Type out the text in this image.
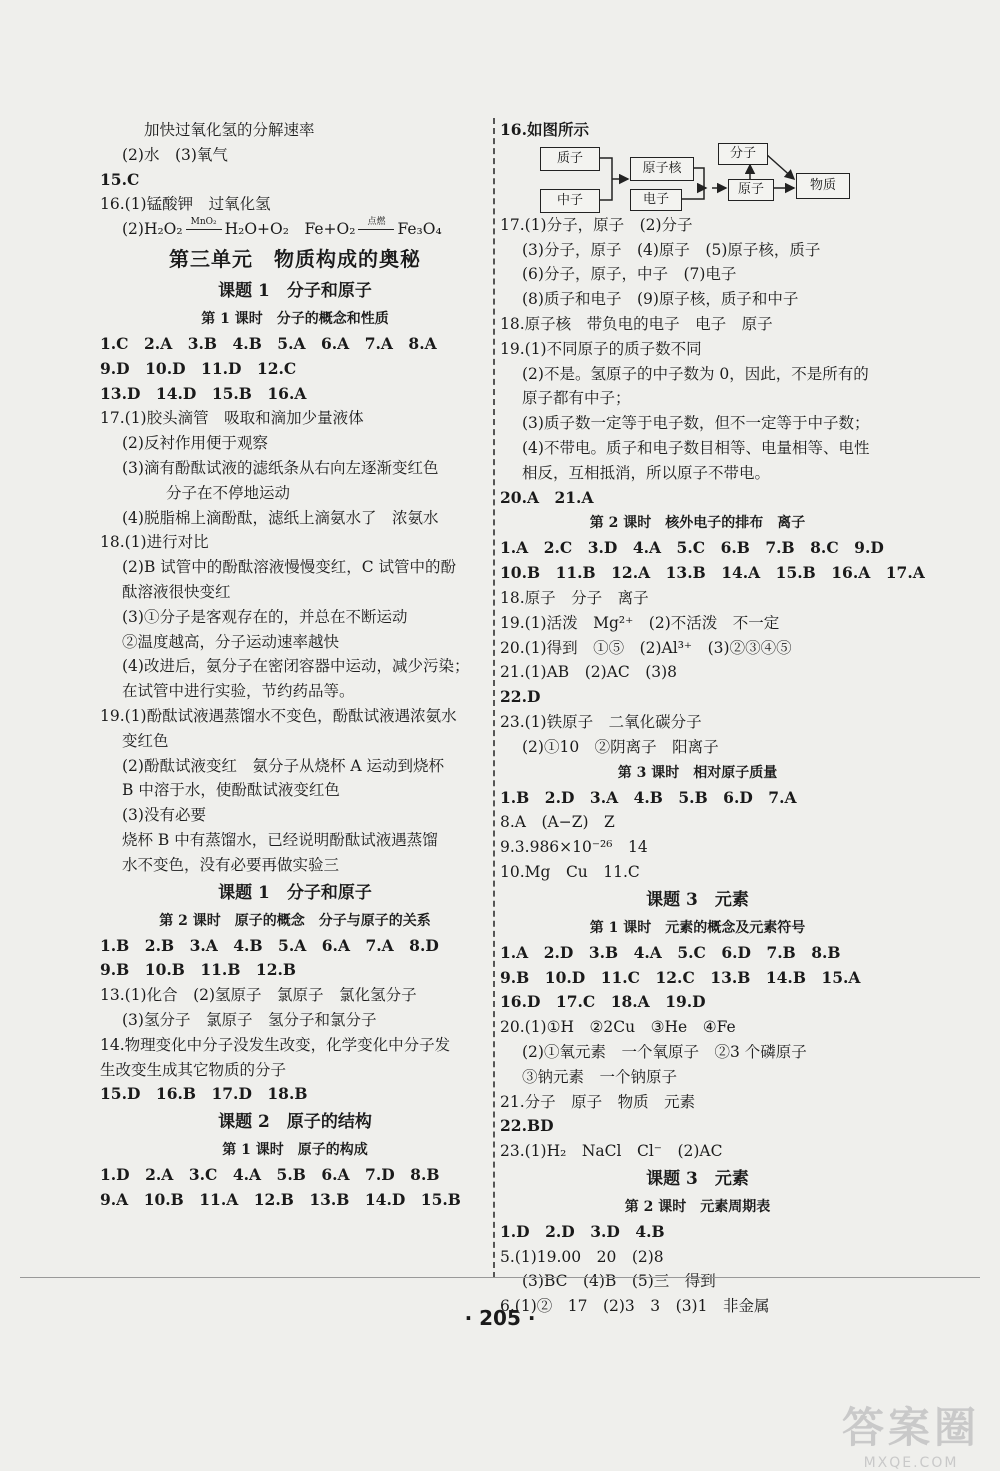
加快过氧化氢的分解速率
(2)水　(3)氧气
15.C
16.(1)锰酸钾　过氧化氢
(2)H₂O₂ MnO₂ H₂O+O₂　Fe+O₂	点燃 Fe₃O₄
第三单元　物质构成的奥秘
课题 1　分子和原子
第 1 课时　分子的概念和性质
1.C　2.A　3.B　4.B　5.A　6.A　7.A　8.A
9.D　10.D　11.D　12.C
13.D　14.D　15.B　16.A
17.(1)胶头滴管　吸取和滴加少量液体
(2)反衬作用便于观察
(3)滴有酚酞试液的滤纸条从右向左逐渐变红色
分子在不停地运动
(4)脱脂棉上滴酚酞，滤纸上滴氨水了　浓氨水
18.(1)进行对比
(2)B 试管中的酚酞溶液慢慢变红，C 试管中的酚
酞溶液很快变红
(3)①分子是客观存在的，并总在不断运动
②温度越高，分子运动速率越快
(4)改进后，氨分子在密闭容器中运动，减少污染；
在试管中进行实验，节约药品等。
19.(1)酚酞试液遇蒸馏水不变色，酚酞试液遇浓氨水
变红色
(2)酚酞试液变红　氨分子从烧杯 A 运动到烧杯
B 中溶于水，使酚酞试液变红色
(3)没有必要
烧杯 B 中有蒸馏水，已经说明酚酞试液遇蒸馏
水不变色，没有必要再做实验三
课题 1　分子和原子
第 2 课时　原子的概念　分子与原子的关系
1.B　2.B　3.A　4.B　5.A　6.A　7.A　8.D
9.B　10.B　11.B　12.B
13.(1)化合　(2)氢原子　氯原子　氯化氢分子
(3)氢分子　氯原子　氢分子和氯分子
14.物理变化中分子没发生改变，化学变化中分子发
生改变生成其它物质的分子
15.D　16.B　17.D　18.B
课题 2　原子的结构
第 1 课时　原子的构成
1.D　2.A　3.C　4.A　5.B　6.A　7.D　8.B
9.A　10.B　11.A　12.B　13.B　14.D　15.B
16.如图所示
质子
中子
原子核
电子
分子
原子	物质
17.(1)分子，原子　(2)分子
(3)分子，原子　(4)原子　(5)原子核，质子
(6)分子，原子，中子　(7)电子
(8)质子和电子　(9)原子核，质子和中子
18.原子核　带负电的电子　电子　原子
19.(1)不同原子的质子数不同
(2)不是。氢原子的中子数为 0，因此，不是所有的
原子都有中子；
(3)质子数一定等于电子数，但不一定等于中子数；
(4)不带电。质子和电子数目相等、电量相等、电性
相反，互相抵消，所以原子不带电。
20.A　21.A
第 2 课时　核外电子的排布　离子
1.A　2.C　3.D　4.A　5.C　6.B　7.B　8.C　9.D
10.B　11.B　12.A　13.B　14.A　15.B　16.A　17.A
18.原子　分子　离子
19.(1)活泼　Mg²⁺　(2)不活泼　不一定
20.(1)得到　①⑤　(2)Al³⁺　(3)②③④⑤
21.(1)AB　(2)AC　(3)8
22.D
23.(1)铁原子　二氧化碳分子
(2)①10　②阴离子　阳离子
第 3 课时　相对原子质量
1.B　2.D　3.A　4.B　5.B　6.D　7.A
8.A　(A−Z)　Z
9.3.986×10⁻²⁶　14
10.Mg　Cu　11.C
课题 3　元素
第 1 课时　元素的概念及元素符号
1.A　2.D　3.B　4.A　5.C　6.D　7.B　8.B
9.B　10.D　11.C　12.C　13.B　14.B　15.A
16.D　17.C　18.A　19.D
20.(1)①H　②2Cu　③He　④Fe
(2)①氧元素　一个氧原子　②3 个磷原子
③钠元素　一个钠原子
21.分子　原子　物质　元素
22.BD
23.(1)H₂　NaCl　Cl⁻　(2)AC
课题 3　元素
第 2 课时　元素周期表
1.D　2.D　3.D　4.B
5.(1)19.00　20　(2)8
(3)BC　(4)B　(5)三　得到
6.(1)②　17　(2)3　3　(3)1　非金属
· 205 ·
答案圈
MXQE.COM
